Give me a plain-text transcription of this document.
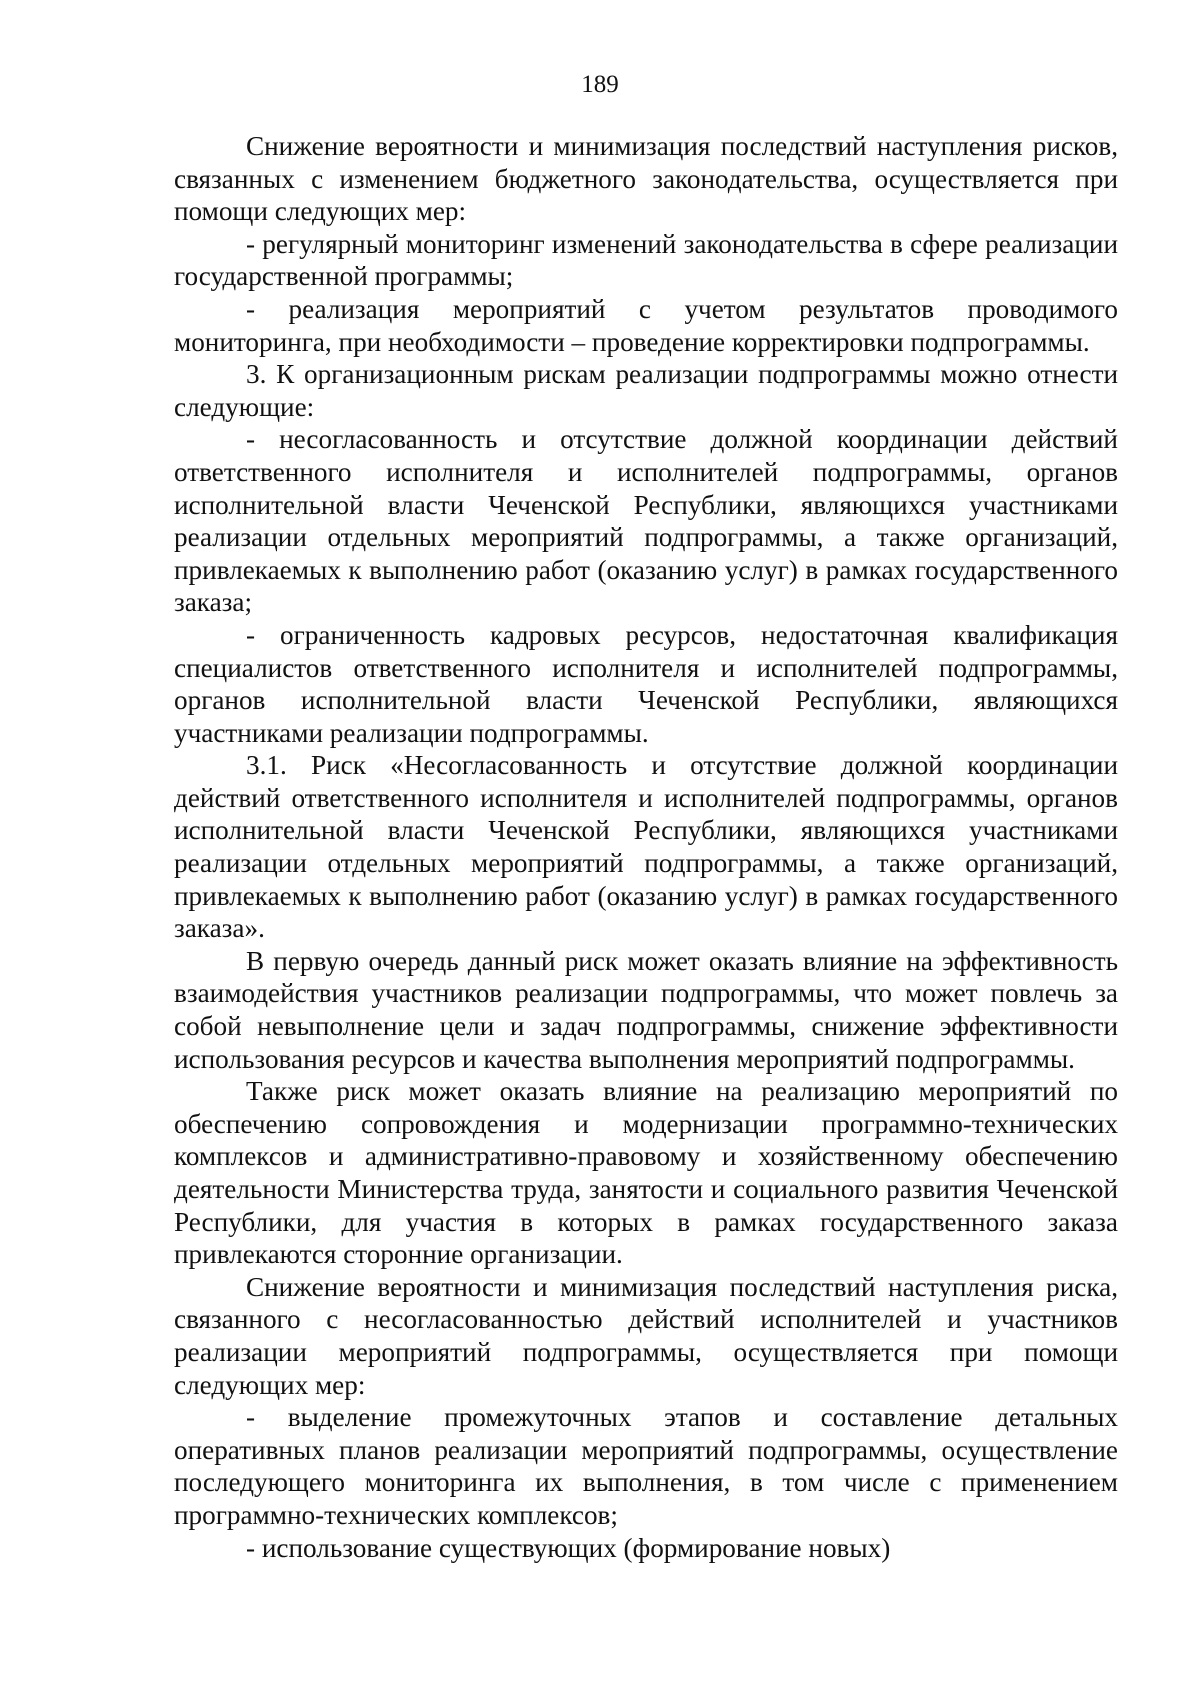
189

Снижение вероятности и минимизация последствий наступления рисков, связанных с изменением бюджетного законодательства, осуществляется при помощи следующих мер:

- регулярный мониторинг изменений законодательства в сфере реализации государственной программы;

- реализация мероприятий с учетом результатов проводимого мониторинга, при необходимости – проведение корректировки подпрограммы.

3. К организационным рискам реализации подпрограммы можно отнести следующие:

- несогласованность и отсутствие должной координации действий ответственного исполнителя и исполнителей подпрограммы, органов исполнительной власти Чеченской Республики, являющихся участниками реализации отдельных мероприятий подпрограммы, а также организаций, привлекаемых к выполнению работ (оказанию услуг) в рамках государственного заказа;

- ограниченность кадровых ресурсов, недостаточная квалификация специалистов ответственного исполнителя и исполнителей подпрограммы, органов исполнительной власти Чеченской Республики, являющихся участниками реализации подпрограммы.

3.1. Риск «Несогласованность и отсутствие должной координации действий ответственного исполнителя и исполнителей подпрограммы, органов исполнительной власти Чеченской Республики, являющихся участниками реализации отдельных мероприятий подпрограммы, а также организаций, привлекаемых к выполнению работ (оказанию услуг) в рамках государственного заказа».

В первую очередь данный риск может оказать влияние на эффективность взаимодействия участников реализации подпрограммы, что может повлечь за собой невыполнение цели и задач подпрограммы, снижение эффективности использования ресурсов и качества выполнения мероприятий подпрограммы.

Также риск может оказать влияние на реализацию мероприятий по обеспечению сопровождения и модернизации программно-технических комплексов и административно-правовому и хозяйственному обеспечению деятельности Министерства труда, занятости и социального развития Чеченской Республики, для участия в которых в рамках государственного заказа привлекаются сторонние организации.

Снижение вероятности и минимизация последствий наступления риска, связанного с несогласованностью действий исполнителей и участников реализации мероприятий подпрограммы, осуществляется при помощи следующих мер:

- выделение промежуточных этапов и составление детальных оперативных планов реализации мероприятий подпрограммы, осуществление последующего мониторинга их выполнения, в том числе с применением программно-технических комплексов;

- использование существующих (формирование новых)
